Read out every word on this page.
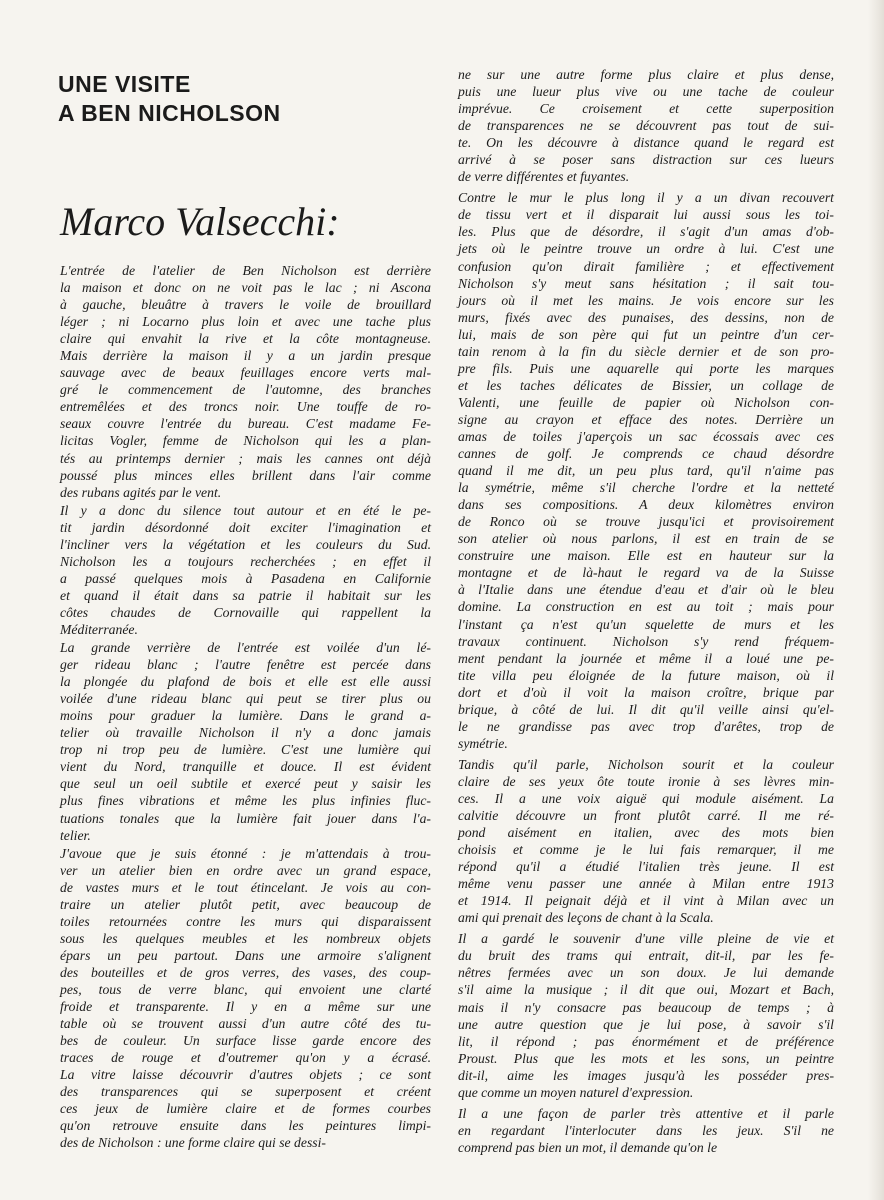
UNE VISITE
A BEN NICHOLSON
Marco Valsecchi:

L'entrée de l'atelier de Ben Nicholson est derrière
la maison et donc on ne voit pas le lac ; ni Ascona
à gauche, bleuâtre à travers le voile de brouillard
léger ; ni Locarno plus loin et avec une tache plus
claire qui envahit la rive et la côte montagneuse.
Mais derrière la maison il y a un jardin presque
sauvage avec de beaux feuillages encore verts mal-
gré le commencement de l'automne, des branches
entremêlées et des troncs noir. Une touffe de ro-
seaux couvre l'entrée du bureau. C'est madame Fe-
licitas Vogler, femme de Nicholson qui les a plan-
tés au printemps dernier ; mais les cannes ont déjà
poussé plus minces elles brillent dans l'air comme
des rubans agités par le vent.

Il y a donc du silence tout autour et en été le pe-
tit jardin désordonné doit exciter l'imagination et
l'incliner vers la végétation et les couleurs du Sud.
Nicholson les a toujours recherchées ; en effet il
a passé quelques mois à Pasadena en Californie
et quand il était dans sa patrie il habitait sur les
côtes chaudes de Cornovaille qui rappellent la
Méditerranée.

La grande verrière de l'entrée est voilée d'un lé-
ger rideau blanc ; l'autre fenêtre est percée dans
la plongée du plafond de bois et elle est elle aussi
voilée d'une rideau blanc qui peut se tirer plus ou
moins pour graduer la lumière. Dans le grand a-
telier où travaille Nicholson il n'y a donc jamais
trop ni trop peu de lumière. C'est une lumière qui
vient du Nord, tranquille et douce. Il est évident
que seul un oeil subtile et exercé peut y saisir les
plus fines vibrations et même les plus infinies fluc-
tuations tonales que la lumière fait jouer dans l'a-
telier.

J'avoue que je suis étonné : je m'attendais à trou-
ver un atelier bien en ordre avec un grand espace,
de vastes murs et le tout étincelant. Je vois au con-
traire un atelier plutôt petit, avec beaucoup de
toiles retournées contre les murs qui disparaissent
sous les quelques meubles et les nombreux objets
épars un peu partout. Dans une armoire s'alignent
des bouteilles et de gros verres, des vases, des coup-
pes, tous de verre blanc, qui envoient une clarté
froide et transparente. Il y en a même sur une
table où se trouvent aussi d'un autre côté des tu-
bes de couleur. Un surface lisse garde encore des
traces de rouge et d'outremer qu'on y a écrasé.
La vitre laisse découvrir d'autres objets ; ce sont
des transparences qui se superposent et créent
ces jeux de lumière claire et de formes courbes
qu'on retrouve ensuite dans les peintures limpi-
des de Nicholson : une forme claire qui se dessi-

ne sur une autre forme plus claire et plus dense,
puis une lueur plus vive ou une tache de couleur
imprévue. Ce croisement et cette superposition
de transparences ne se découvrent pas tout de sui-
te. On les découvre à distance quand le regard est
arrivé à se poser sans distraction sur ces lueurs
de verre différentes et fuyantes.

Contre le mur le plus long il y a un divan recouvert
de tissu vert et il disparait lui aussi sous les toi-
les. Plus que de désordre, il s'agit d'un amas d'ob-
jets où le peintre trouve un ordre à lui. C'est une
confusion qu'on dirait familière ; et effectivement
Nicholson s'y meut sans hésitation ; il sait tou-
jours où il met les mains. Je vois encore sur les
murs, fixés avec des punaises, des dessins, non de
lui, mais de son père qui fut un peintre d'un cer-
tain renom à la fin du siècle dernier et de son pro-
pre fils. Puis une aquarelle qui porte les marques
et les taches délicates de Bissier, un collage de
Valenti, une feuille de papier où Nicholson con-
signe au crayon et efface des notes. Derrière un
amas de toiles j'aperçois un sac écossais avec ces
cannes de golf. Je comprends ce chaud désordre
quand il me dit, un peu plus tard, qu'il n'aime pas
la symétrie, même s'il cherche l'ordre et la netteté
dans ses compositions. A deux kilomètres environ
de Ronco où se trouve jusqu'ici et provisoirement
son atelier où nous parlons, il est en train de se
construire une maison. Elle est en hauteur sur la
montagne et de là-haut le regard va de la Suisse
à l'Italie dans une étendue d'eau et d'air où le bleu
domine. La construction en est au toit ; mais pour
l'instant ça n'est qu'un squelette de murs et les
travaux continuent. Nicholson s'y rend fréquem-
ment pendant la journée et même il a loué une pe-
tite villa peu éloignée de la future maison, où il
dort et d'où il voit la maison croître, brique par
brique, à côté de lui. Il dit qu'il veille ainsi qu'el-
le ne grandisse pas avec trop d'arêtes, trop de
symétrie.

Tandis qu'il parle, Nicholson sourit et la couleur
claire de ses yeux ôte toute ironie à ses lèvres min-
ces. Il a une voix aiguë qui module aisément. La
calvitie découvre un front plutôt carré. Il me ré-
pond aisément en italien, avec des mots bien
choisis et comme je le lui fais remarquer, il me
répond qu'il a étudié l'italien très jeune. Il est
même venu passer une année à Milan entre 1913
et 1914. Il peignait déjà et il vint à Milan avec un
ami qui prenait des leçons de chant à la Scala.

Il a gardé le souvenir d'une ville pleine de vie et
du bruit des trams qui entrait, dit-il, par les fe-
nêtres fermées avec un son doux. Je lui demande
s'il aime la musique ; il dit que oui, Mozart et Bach,
mais il n'y consacre pas beaucoup de temps ; à
une autre question que je lui pose, à savoir s'il
lit, il répond ; pas énormément et de préférence
Proust. Plus que les mots et les sons, un peintre
dit-il, aime les images jusqu'à les posséder pres-
que comme un moyen naturel d'expression.

Il a une façon de parler très attentive et il parle
en regardant l'interlocuter dans les jeux. S'il ne
comprend pas bien un mot, il demande qu'on le
